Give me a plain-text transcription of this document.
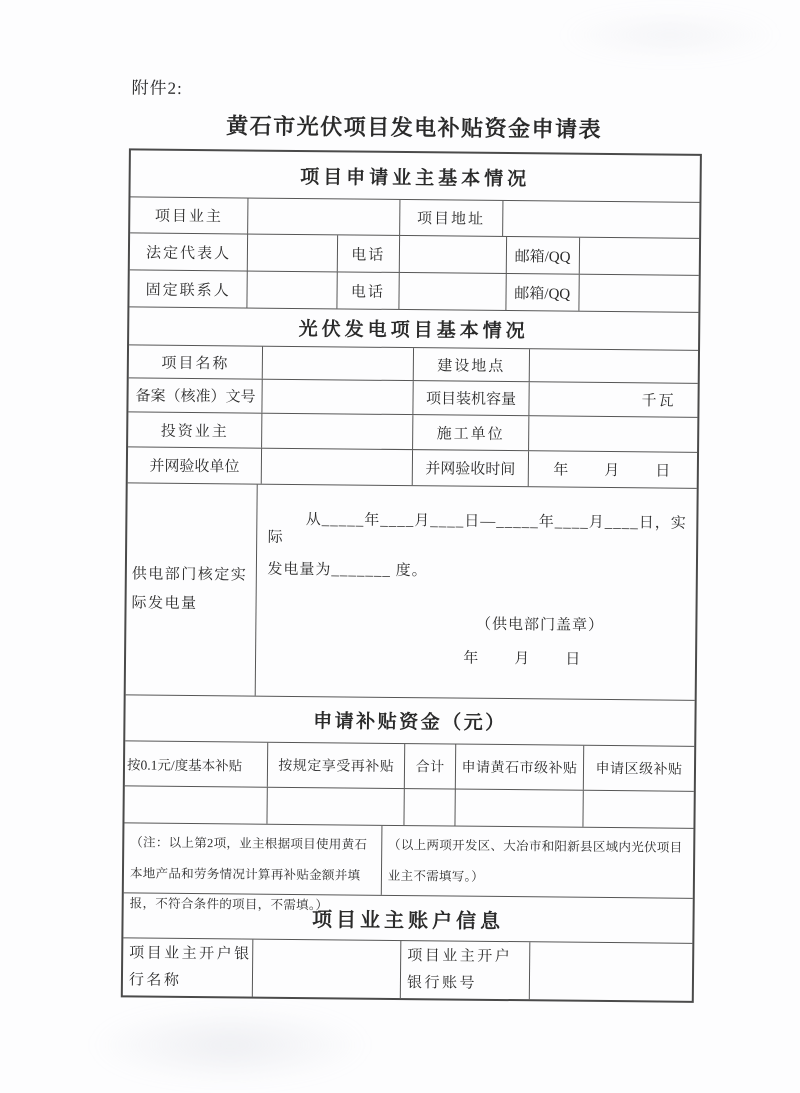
附件2:
黄石市光伏项目发电补贴资金申请表
项目申请业主基本情况
项目业主	项目地址
法定代表人	电话	邮箱/QQ
固定联系人	电话	邮箱/QQ
光伏发电项目基本情况
项目名称	建设地点
备案（核准）文号	项目装机容量	千瓦
投资业主	施工单位
并网验收单位	并网验收时间	年　　月　　日
供电部门核定实际发电量
从_____年____月____日—_____年____月____日，实际
发电量为_______ 度。
（供电部门盖章）
年　　月　　日
申请补贴资金（元）
按0.1元/度基本补贴	按规定享受再补贴	合计	申请黄石市级补贴	申请区级补贴
（注：以上第2项，业主根据项目使用黄石本地产品和劳务情况计算再补贴金额并填报，不符合条件的项目，不需填。）
（以上两项开发区、大冶市和阳新县区域内光伏项目业主不需填写。）
项目业主账户信息
项目业主开户银行名称
项目业主开户银行账号
